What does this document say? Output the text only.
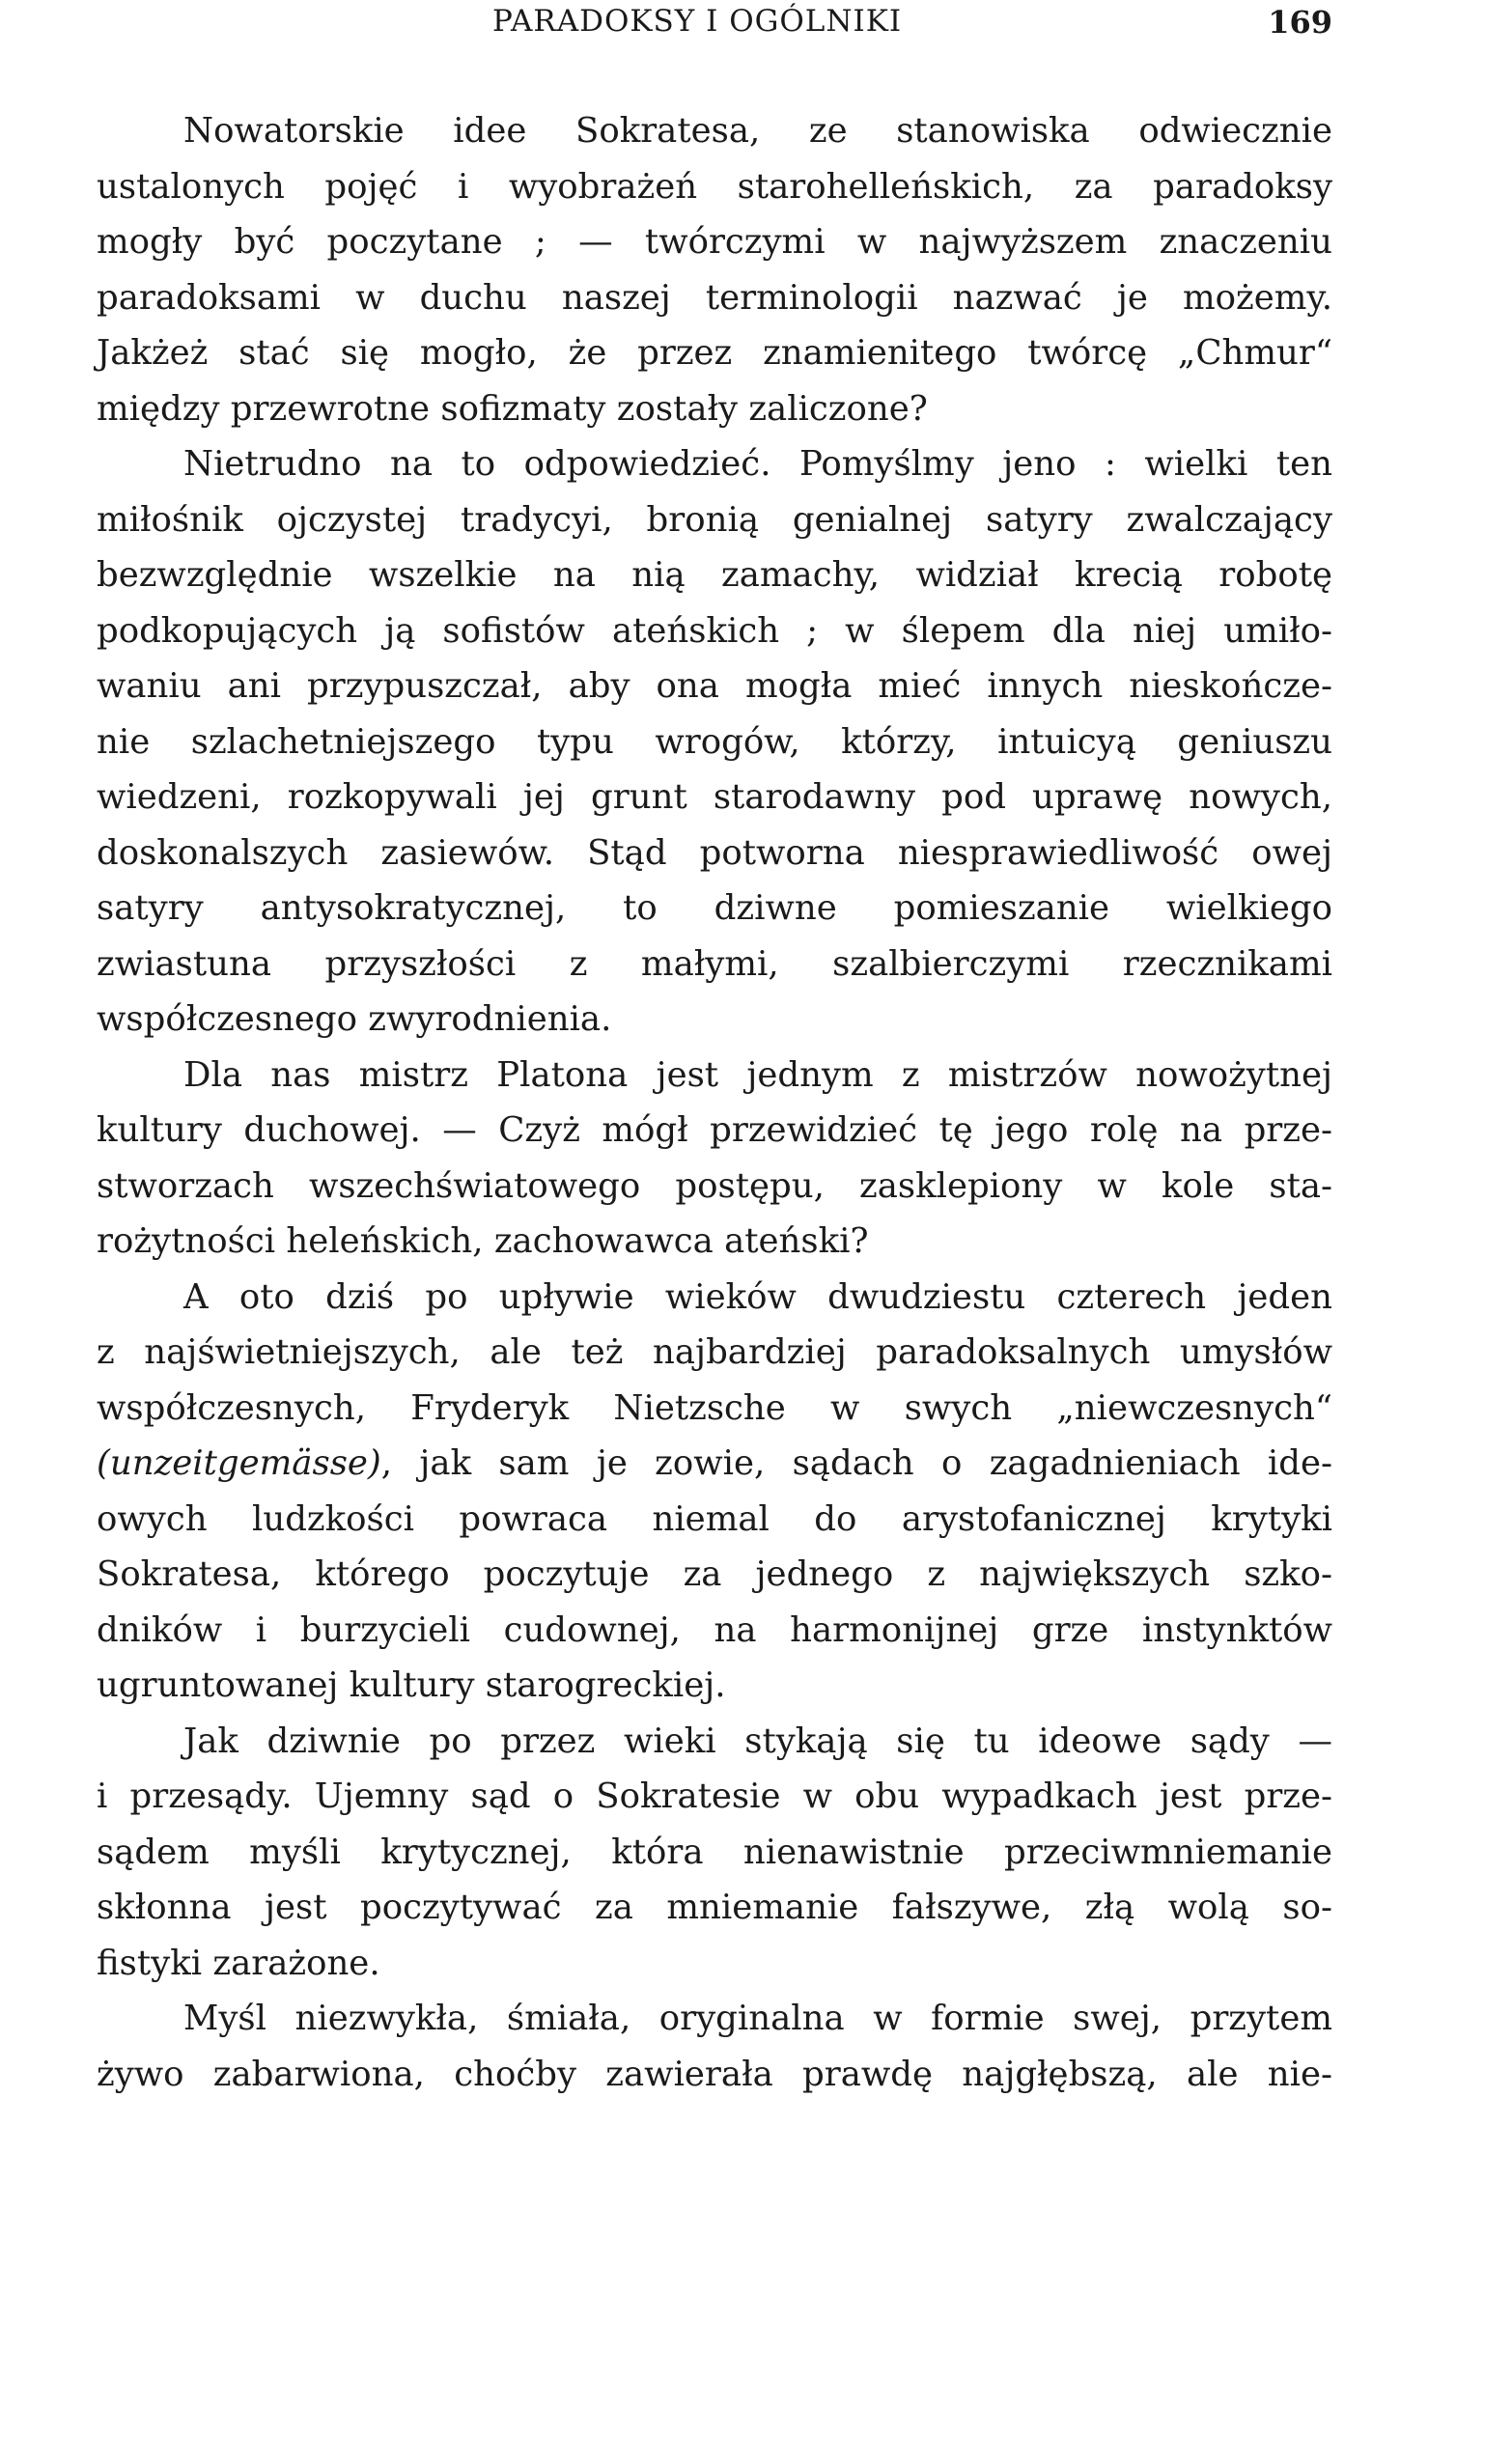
PARADOKSY I OGÓLNIKI	169
Nowatorskie idee Sokratesa, ze stanowiska odwiecznie
ustalonych pojęć i wyobrażeń starohelleńskich, za paradoksy
mogły być poczytane ; — twórczymi w najwyższem znaczeniu
paradoksami w duchu naszej terminologii nazwać je możemy.
Jakżeż stać się mogło, że przez znamienitego twórcę „Chmur“
między przewrotne sofizmaty zostały zaliczone?
Nietrudno na to odpowiedzieć. Pomyślmy jeno : wielki ten
miłośnik ojczystej tradycyi, bronią genialnej satyry zwalczający
bezwzględnie wszelkie na nią zamachy, widział krecią robotę
podkopujących ją sofistów ateńskich ; w ślepem dla niej umiło-
waniu ani przypuszczał, aby ona mogła mieć innych nieskończe-
nie szlachetniejszego typu wrogów, którzy, intuicyą geniuszu
wiedzeni, rozkopywali jej grunt starodawny pod uprawę nowych,
doskonalszych zasiewów. Stąd potworna niesprawiedliwość owej
satyry antysokratycznej, to dziwne pomieszanie wielkiego
zwiastuna przyszłości z małymi, szalbierczymi rzecznikami
współczesnego zwyrodnienia.
Dla nas mistrz Platona jest jednym z mistrzów nowożytnej
kultury duchowej. — Czyż mógł przewidzieć tę jego rolę na prze-
stworzach wszechświatowego postępu, zasklepiony w kole sta-
rożytności heleńskich, zachowawca ateński?
A oto dziś po upływie wieków dwudziestu czterech jeden
z najświetniejszych, ale też najbardziej paradoksalnych umysłów
współczesnych, Fryderyk Nietzsche w swych „niewczesnych“
(unzeitgemässe), jak sam je zowie, sądach o zagadnieniach ide-
owych ludzkości powraca niemal do arystofanicznej krytyki
Sokratesa, którego poczytuje za jednego z największych szko-
dników i burzycieli cudownej, na harmonijnej grze instynktów
ugruntowanej kultury starogreckiej.
Jak dziwnie po przez wieki stykają się tu ideowe sądy —
i przesądy. Ujemny sąd o Sokratesie w obu wypadkach jest prze-
sądem myśli krytycznej, która nienawistnie przeciwmniemanie
skłonna jest poczytywać za mniemanie fałszywe, złą wolą so-
fistyki zarażone.
Myśl niezwykła, śmiała, oryginalna w formie swej, przytem
żywo zabarwiona, choćby zawierała prawdę najgłębszą, ale nie-
